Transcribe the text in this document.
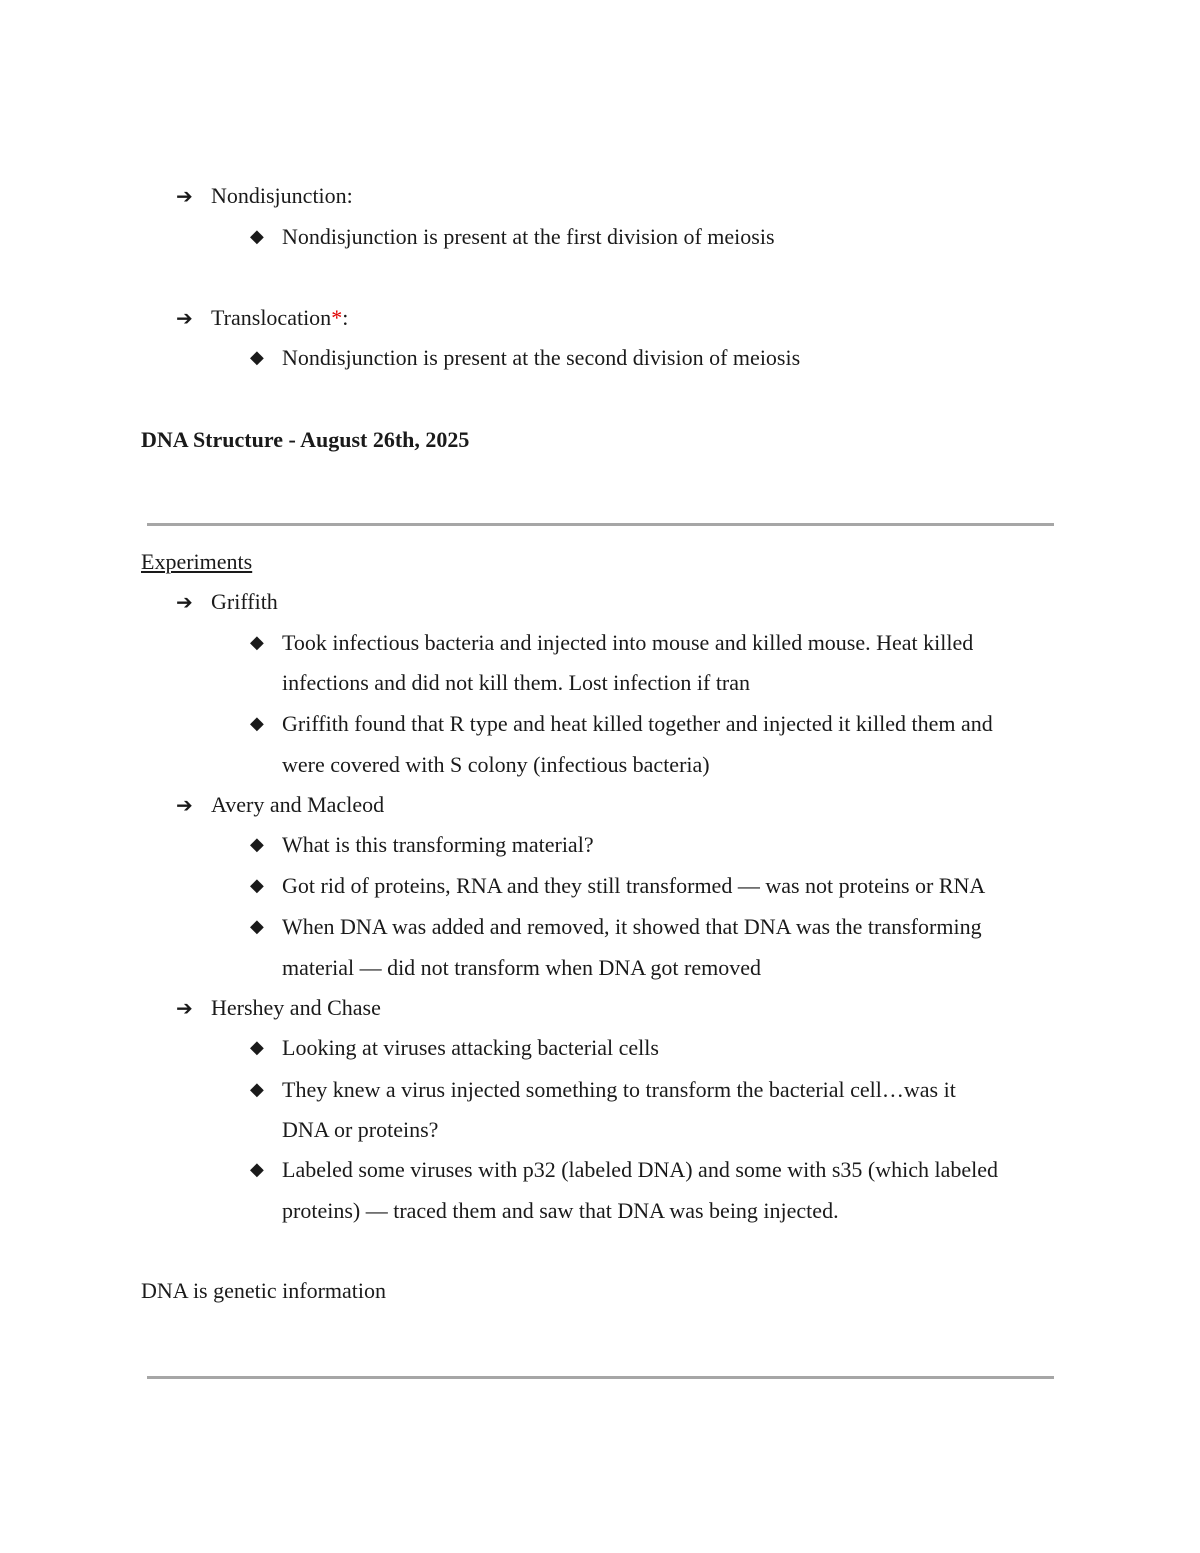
➔ Nondisjunction:
◆ Nondisjunction is present at the first division of meiosis
➔ Translocation*:
◆ Nondisjunction is present at the second division of meiosis
DNA Structure - August 26th, 2025
Experiments
➔ Griffith
◆ Took infectious bacteria and injected into mouse and killed mouse. Heat killed
infections and did not kill them. Lost infection if tran
◆ Griffith found that R type and heat killed together and injected it killed them and
were covered with S colony (infectious bacteria)
➔ Avery and Macleod
◆ What is this transforming material?
◆ Got rid of proteins, RNA and they still transformed — was not proteins or RNA
◆ When DNA was added and removed, it showed that DNA was the transforming
material — did not transform when DNA got removed
➔ Hershey and Chase
◆ Looking at viruses attacking bacterial cells
◆ They knew a virus injected something to transform the bacterial cell…was it
DNA or proteins?
◆ Labeled some viruses with p32 (labeled DNA) and some with s35 (which labeled
proteins) — traced them and saw that DNA was being injected.
DNA is genetic information
